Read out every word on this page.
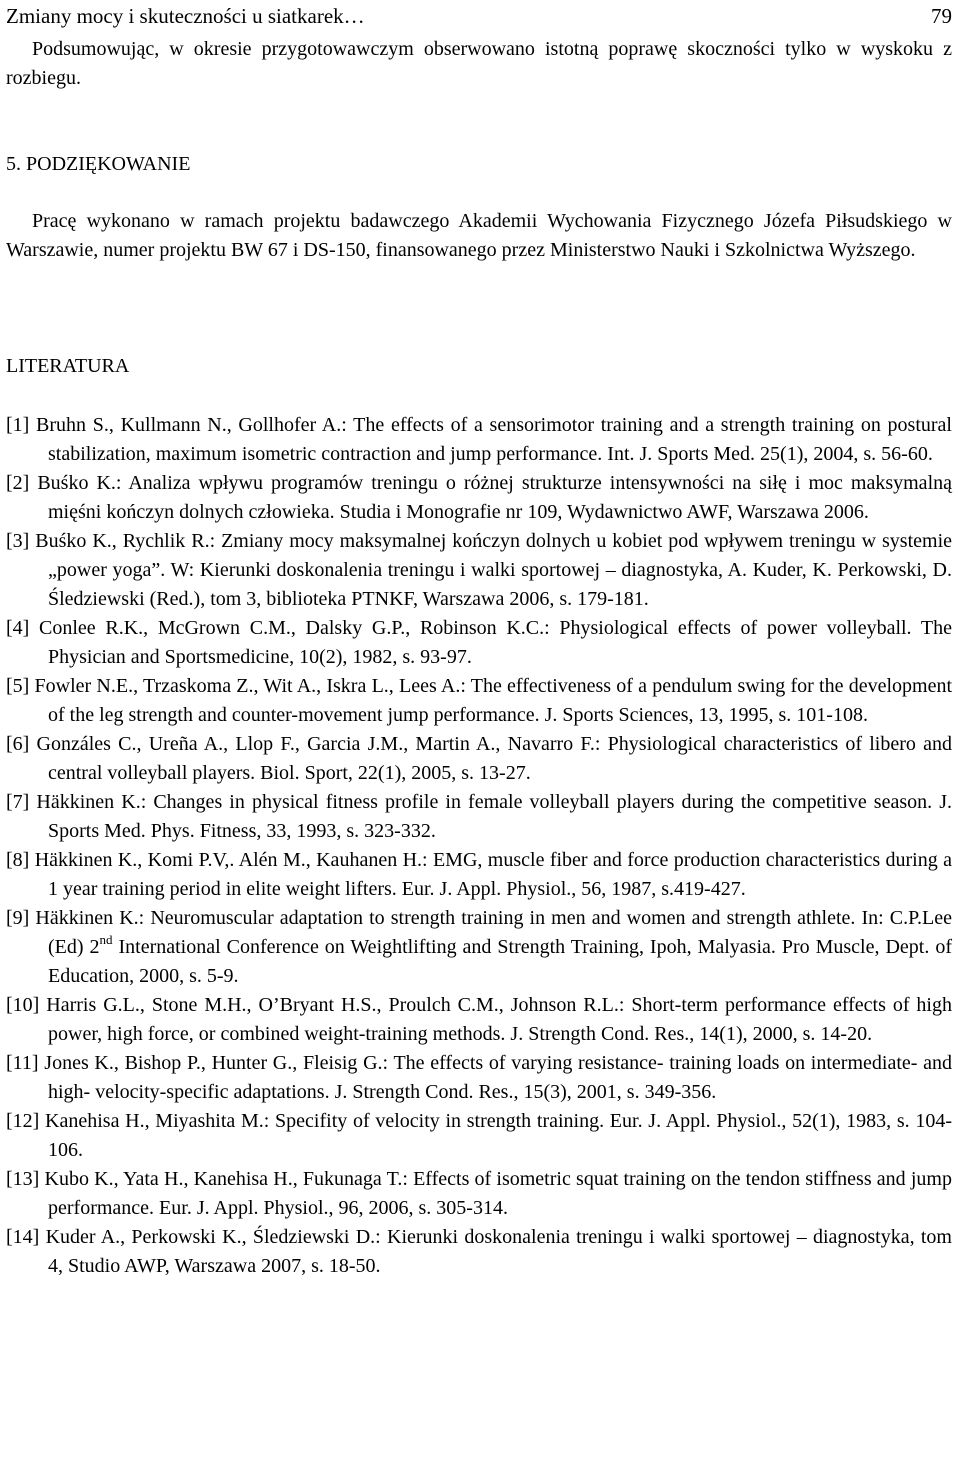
Zmiany mocy i skuteczności u siatkarek…	79

Podsumowując, w okresie przygotowawczym obserwowano istotną poprawę skoczności tylko w wyskoku z rozbiegu.

5. PODZIĘKOWANIE

Pracę wykonano w ramach projektu badawczego Akademii Wychowania Fizycznego Józefa Piłsudskiego w Warszawie, numer projektu BW 67 i DS-150, finansowanego przez Ministerstwo Nauki i Szkolnictwa Wyższego.

LITERATURA
[1] Bruhn S., Kullmann N., Gollhofer A.: The effects of a sensorimotor training and a strength training on postural stabilization, maximum isometric contraction and jump performance. Int. J. Sports Med. 25(1), 2004, s. 56-60.
[2] Buśko K.: Analiza wpływu programów treningu o różnej strukturze intensywności na siłę i moc maksymalną mięśni kończyn dolnych człowieka. Studia i Monografie nr 109, Wydawnictwo AWF, Warszawa 2006.
[3] Buśko K., Rychlik R.: Zmiany mocy maksymalnej kończyn dolnych u kobiet pod wpływem treningu w systemie „power yoga”. W: Kierunki doskonalenia treningu i walki sportowej – diagnostyka, A. Kuder, K. Perkowski, D. Śledziewski (Red.), tom 3, biblioteka PTNKF, Warszawa 2006, s. 179-181.
[4] Conlee R.K., McGrown C.M., Dalsky G.P., Robinson K.C.: Physiological effects of power volleyball. The Physician and Sportsmedicine, 10(2), 1982, s. 93-97.
[5] Fowler N.E., Trzaskoma Z., Wit A., Iskra L., Lees A.: The effectiveness of a pendulum swing for the development of the leg strength and counter-movement jump performance. J. Sports Sciences, 13, 1995, s. 101-108.
[6] Gonzáles C., Ureña A., Llop F., Garcia J.M., Martin A., Navarro F.: Physiological characteristics of libero and central volleyball players. Biol. Sport, 22(1), 2005, s. 13-27.
[7] Häkkinen K.: Changes in physical fitness profile in female volleyball players during the competitive season. J. Sports Med. Phys. Fitness, 33, 1993, s. 323-332.
[8] Häkkinen K., Komi P.V,. Alén M., Kauhanen H.: EMG, muscle fiber and force production characteristics during a 1 year training period in elite weight lifters. Eur. J. Appl. Physiol., 56, 1987, s.419-427.
[9] Häkkinen K.: Neuromuscular adaptation to strength training in men and women and strength athlete. In: C.P.Lee (Ed) 2nd International Conference on Weightlifting and Strength Training, Ipoh, Malyasia. Pro Muscle, Dept. of Education, 2000, s. 5-9.
[10] Harris G.L., Stone M.H., O’Bryant H.S., Proulch C.M., Johnson R.L.: Short-term performance effects of high power, high force, or combined weight-training methods. J. Strength Cond. Res., 14(1), 2000, s. 14-20.
[11] Jones K., Bishop P., Hunter G., Fleisig G.: The effects of varying resistance- training loads on intermediate- and high- velocity-specific adaptations. J. Strength Cond. Res., 15(3), 2001, s. 349-356.
[12] Kanehisa H., Miyashita M.: Specifity of velocity in strength training. Eur. J. Appl. Physiol., 52(1), 1983, s. 104-106.
[13] Kubo K., Yata H., Kanehisa H., Fukunaga T.: Effects of isometric squat training on the tendon stiffness and jump performance. Eur. J. Appl. Physiol., 96, 2006, s. 305-314.
[14] Kuder A., Perkowski K., Śledziewski D.: Kierunki doskonalenia treningu i walki sportowej – diagnostyka, tom 4, Studio AWP, Warszawa 2007, s. 18-50.
